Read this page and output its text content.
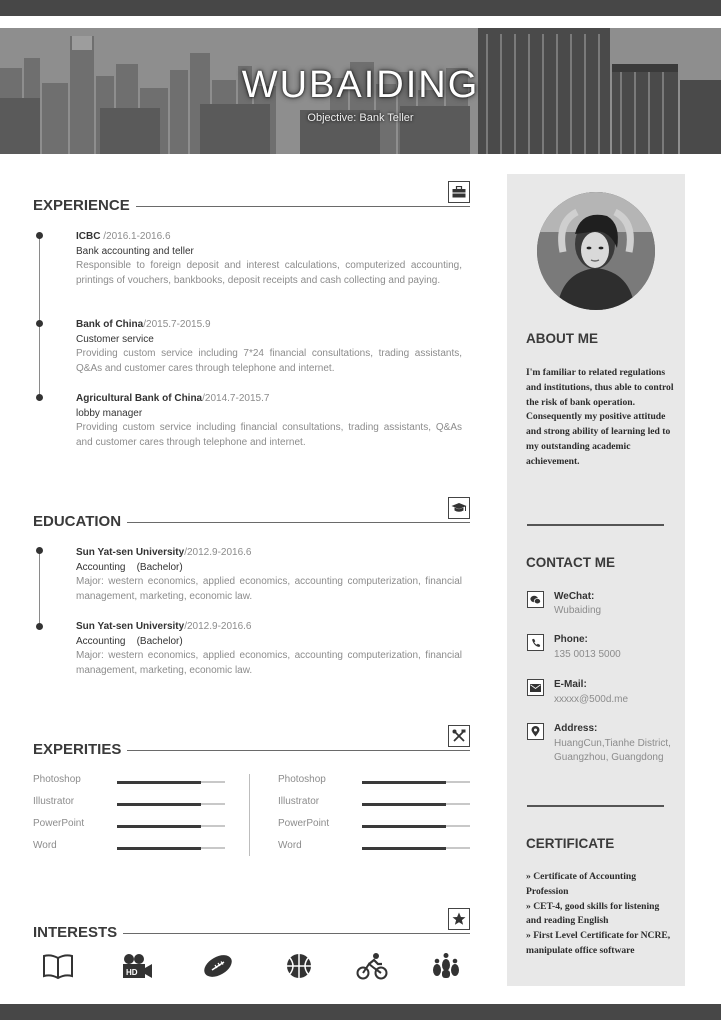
WUBAIDING
Objective: Bank Teller
EXPERIENCE
ICBC /2016.1-2016.6
Bank accounting and teller
Responsible to foreign deposit and interest calculations, computerized accounting, printings of vouchers, bankbooks, deposit receipts and cash collecting and paying.
Bank of China/2015.7-2015.9
Customer service
Providing custom service including 7*24 financial consultations, trading assistants, Q&As and customer cares through telephone and internet.
Agricultural Bank of China/2014.7-2015.7
lobby manager
Providing custom service including financial consultations, trading assistants, Q&As and customer cares through telephone and internet.
EDUCATION
Sun Yat-sen University/2012.9-2016.6
Accounting    (Bachelor)
Major: western economics, applied economics, accounting computerization, financial management, marketing, economic law.
Sun Yat-sen University/2012.9-2016.6
Accounting    (Bachelor)
Major: western economics, applied economics, accounting computerization, financial management, marketing, economic law.
EXPERITIES
Photoshop
Illustrator
PowerPoint
Word
Photoshop
Illustrator
PowerPoint
Word
INTERESTS
HD
ABOUT ME
I'm familiar to related regulations and institutions, thus able to control the risk of bank operation. Consequently my positive attitude and strong ability of learning led to my outstanding academic achievement.
CONTACT ME
WeChat:
Wubaiding
Phone:
135 0013 5000
E-Mail:
xxxxx@500d.me
Address:
HuangCun,Tianhe District, Guangzhou, Guangdong
CERTIFICATE
» Certificate of Accounting Profession
» CET-4, good skills for listening and reading English
» First Level Certificate for NCRE, manipulate office software
